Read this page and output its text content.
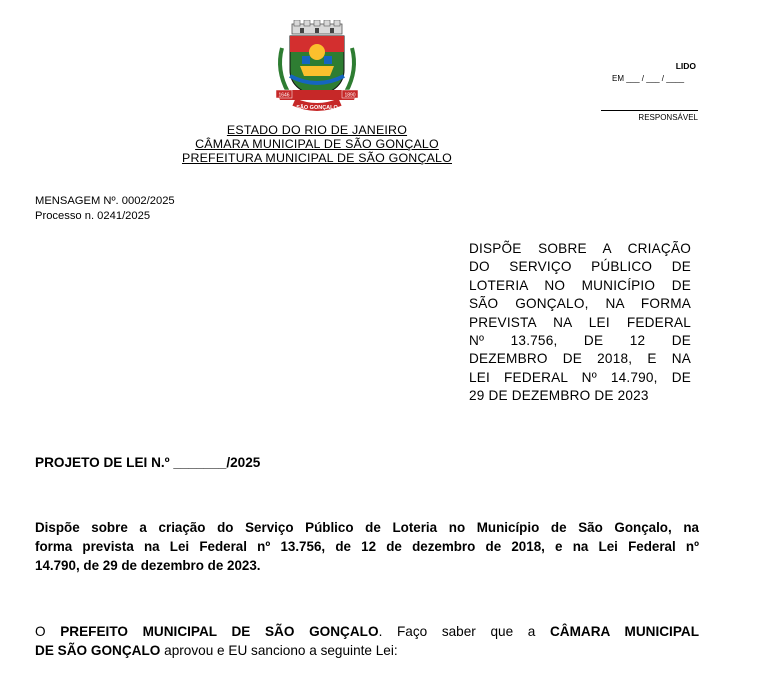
1646	1890
SÃO GONÇALO
LIDO
EM ___ / ___ / ____
RESPONSÁVEL
ESTADO DO RIO DE JANEIRO
CÂMARA MUNICIPAL DE SÃO GONÇALO
PREFEITURA MUNICIPAL DE SÃO GONÇALO
MENSAGEM Nº. 0002/2025
Processo n. 0241/2025
DISPÕE SOBRE A CRIAÇÃO
DO SERVIÇO PÚBLICO DE
LOTERIA NO MUNICÍPIO DE
SÃO GONÇALO, NA FORMA
PREVISTA NA LEI FEDERAL
Nº 13.756, DE 12 DE
DEZEMBRO DE 2018, E NA
LEI FEDERAL Nº 14.790, DE
29 DE DEZEMBRO DE 2023
PROJETO DE LEI N.º _______/2025
Dispõe sobre a criação do Serviço Público de Loteria no Município de São Gonçalo, na
forma prevista na Lei Federal nº 13.756, de 12 de dezembro de 2018, e na Lei Federal nº
14.790, de 29 de dezembro de 2023.
O PREFEITO MUNICIPAL DE SÃO GONÇALO. Faço saber que a CÂMARA MUNICIPAL
DE SÃO GONÇALO aprovou e EU sanciono a seguinte Lei:
